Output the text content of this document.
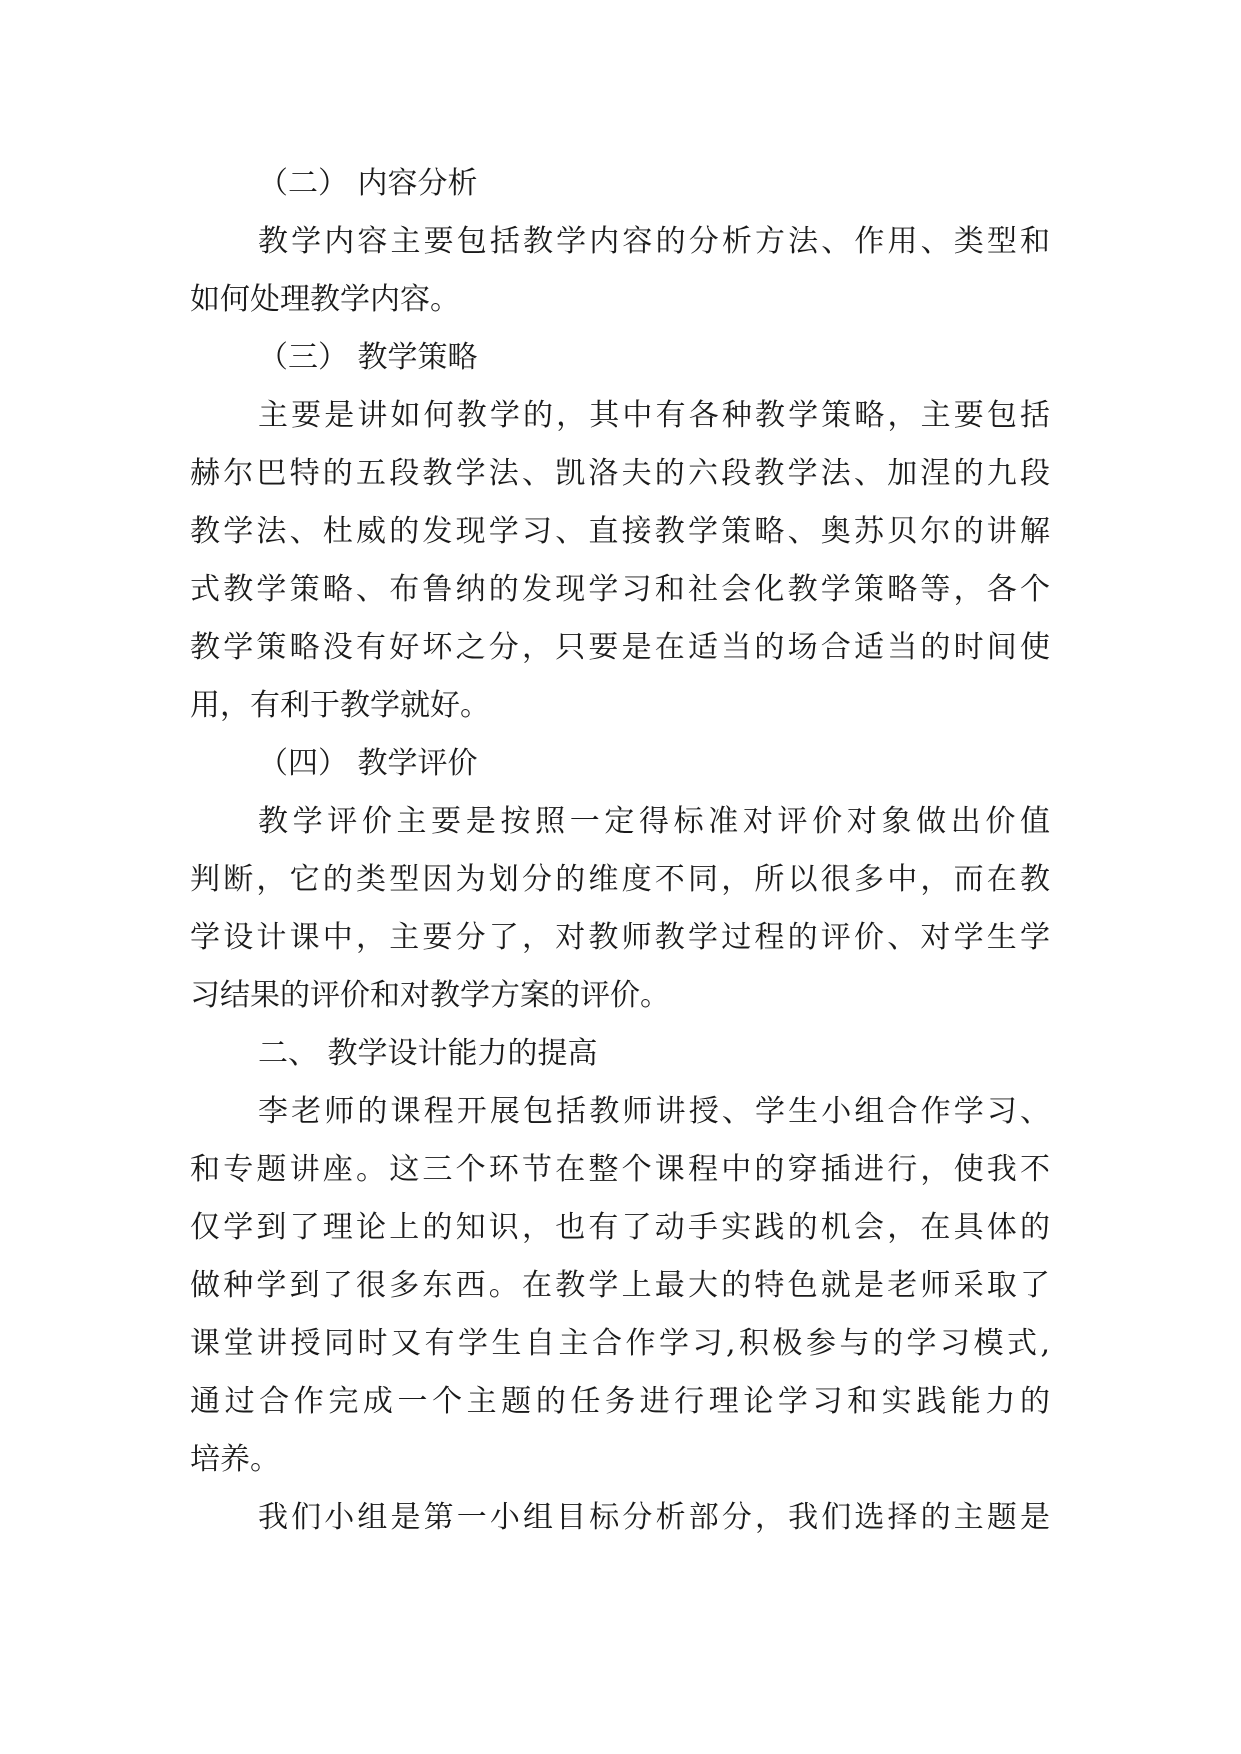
（二） 内容分析
教学内容主要包括教学内容的分析方法、作用、类型和
如何处理教学内容。
（三） 教学策略
主要是讲如何教学的，其中有各种教学策略，主要包括
赫尔巴特的五段教学法、凯洛夫的六段教学法、加涅的九段
教学法、杜威的发现学习、直接教学策略、奥苏贝尔的讲解
式教学策略、布鲁纳的发现学习和社会化教学策略等，各个
教学策略没有好坏之分，只要是在适当的场合适当的时间使
用，有利于教学就好。
（四） 教学评价
教学评价主要是按照一定得标准对评价对象做出价值
判断，它的类型因为划分的维度不同，所以很多中，而在教
学设计课中，主要分了，对教师教学过程的评价、对学生学
习结果的评价和对教学方案的评价。
二、 教学设计能力的提高
李老师的课程开展包括教师讲授、学生小组合作学习、
和专题讲座。这三个环节在整个课程中的穿插进行，使我不
仅学到了理论上的知识，也有了动手实践的机会，在具体的
做种学到了很多东西。在教学上最大的特色就是老师采取了
课堂讲授同时又有学生自主合作学习,积极参与的学习模式,
通过合作完成一个主题的任务进行理论学习和实践能力的
培养。
我们小组是第一小组目标分析部分，我们选择的主题是
